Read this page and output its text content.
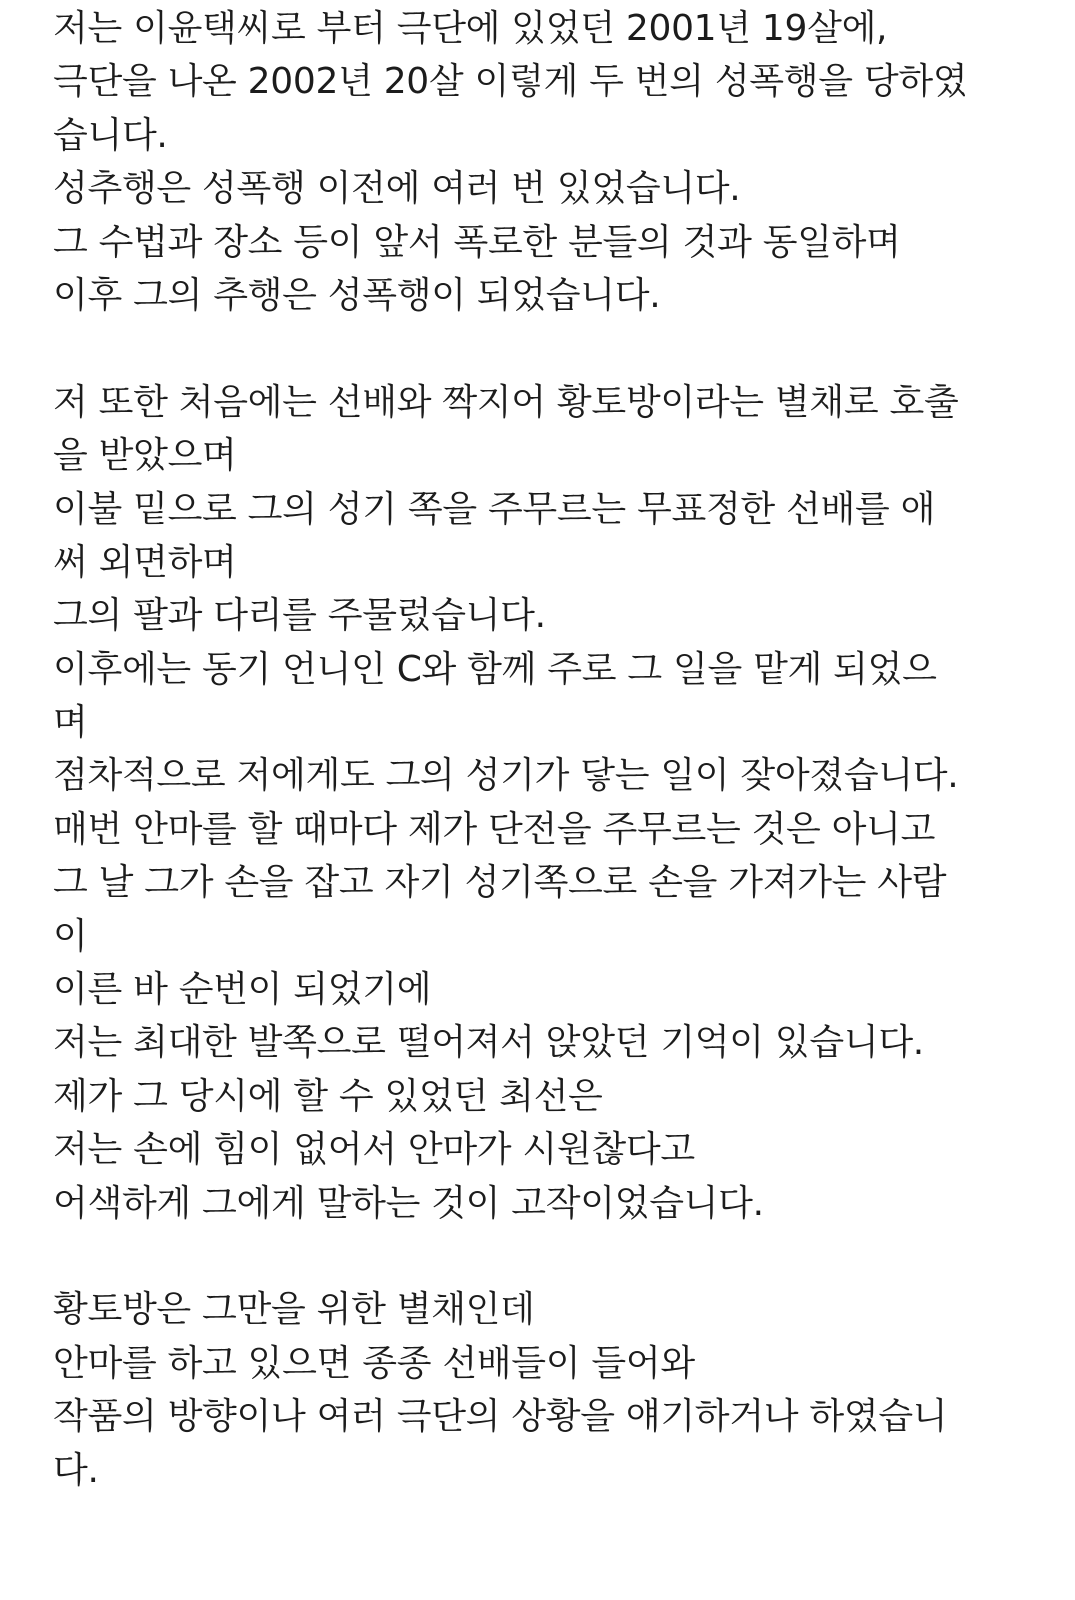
저는 이윤택씨로 부터 극단에 있었던 2001년 19살에,
극단을 나온 2002년 20살 이렇게 두 번의 성폭행을 당하였
습니다.
성추행은 성폭행 이전에 여러 번 있었습니다.
그 수법과 장소 등이 앞서 폭로한 분들의 것과 동일하며
이후 그의 추행은 성폭행이 되었습니다.
저 또한 처음에는 선배와 짝지어 황토방이라는 별채로 호출
을 받았으며
이불 밑으로 그의 성기 쪽을 주무르는 무표정한 선배를 애
써 외면하며
그의 팔과 다리를 주물렀습니다.
이후에는 동기 언니인 C와 함께 주로 그 일을 맡게 되었으
며
점차적으로 저에게도 그의 성기가 닿는 일이 잦아졌습니다.
매번 안마를 할 때마다 제가 단전을 주무르는 것은 아니고
그 날 그가 손을 잡고 자기 성기쪽으로 손을 가져가는 사람
이
이른 바 순번이 되었기에
저는 최대한 발쪽으로 떨어져서 앉았던 기억이 있습니다.
제가 그 당시에 할 수 있었던 최선은
저는 손에 힘이 없어서 안마가 시원찮다고
어색하게 그에게 말하는 것이 고작이었습니다.
황토방은 그만을 위한 별채인데
안마를 하고 있으면 종종 선배들이 들어와
작품의 방향이나 여러 극단의 상황을 얘기하거나 하였습니
다.
